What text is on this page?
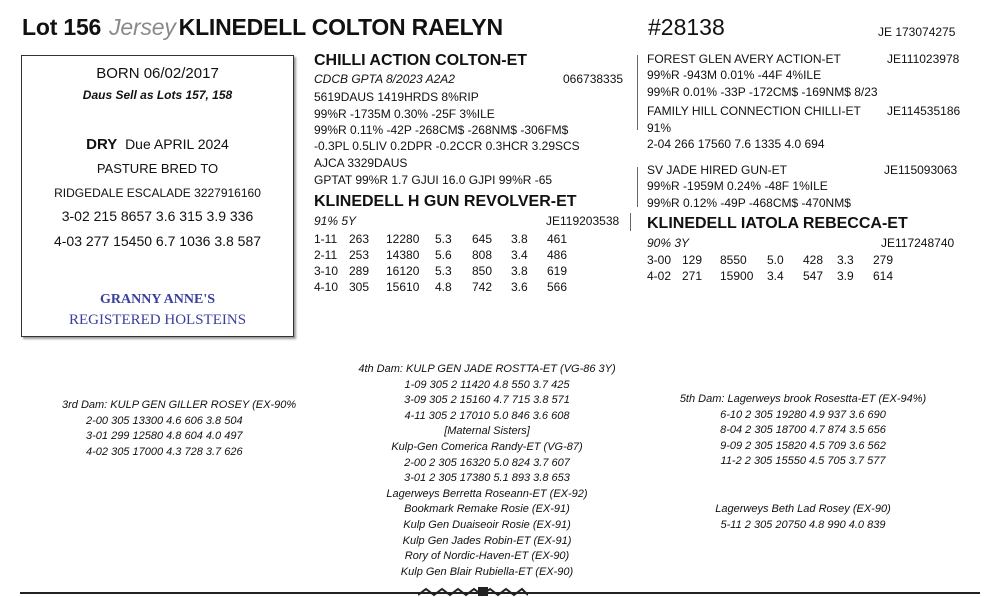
Lot 156 Jersey KLINEDELL COLTON RAELYN	#28138	JE 173074275
BORN 06/02/2017
Daus Sell as Lots 157, 158
DRY Due APRIL 2024
PASTURE BRED TO
RIDGEDALE ESCALADE 3227916160
3-02 215 8657 3.6 315 3.9 336
4-03 277 15450 6.7 1036 3.8 587
GRANNY ANNE'S
REGISTERED HOLSTEINS
CHILLI ACTION COLTON-ET
CDCB GPTA 8/2023 A2A2	066738335
5619DAUS 1419HRDS 8%RIP
99%R -1735M 0.30% -25F 3%ILE
99%R 0.11% -42P -268CM$ -268NM$ -306FM$
-0.3PL 0.5LIV 0.2DPR -0.2CCR 0.3HCR 3.29SCS
AJCA 3329DAUS
GPTAT 99%R 1.7 GJUI 16.0 GJPI 99%R -65
KLINEDELL H GUN REVOLVER-ET
91% 5Y	JE119203538
1-11	263	12280	5.3	645	3.8	461
2-11	253	14380	5.6	808	3.4	486
3-10	289	16120	5.3	850	3.8	619
4-10	305	15610	4.8	742	3.6	566
FOREST GLEN AVERY ACTION-ET	JE111023978
99%R -943M 0.01% -44F 4%ILE
99%R 0.01% -33P -172CM$ -169NM$ 8/23
FAMILY HILL CONNECTION CHILLI-ET JE114535186
91%
2-04 266 17560 7.6 1335 4.0 694
SV JADE HIRED GUN-ET	JE115093063
99%R -1959M 0.24% -48F 1%ILE
99%R 0.12% -49P -468CM$ -470NM$
KLINEDELL IATOLA REBECCA-ET
90% 3Y	JE117248740
3-00	129	8550	5.0	428	3.3	279
4-02	271	15900	3.4	547	3.9	614
3rd Dam: KULP GEN GILLER ROSEY (EX-90%
2-00 305 13300 4.6 606 3.8 504
3-01 299 12580 4.8 604 4.0 497
4-02 305 17000 4.3 728 3.7 626
4th Dam: KULP GEN JADE ROSTTA-ET (VG-86 3Y)
1-09 305 2 11420 4.8 550 3.7 425
3-09 305 2 15160 4.7 715 3.8 571
4-11 305 2 17010 5.0 846 3.6 608
[Maternal Sisters]
Kulp-Gen Comerica Randy-ET (VG-87)
2-00 2 305 16320 5.0 824 3.7 607
3-01 2 305 17380 5.1 893 3.8 653
Lagerweys Berretta Roseann-ET (EX-92)
Bookmark Remake Rosie (EX-91)
Kulp Gen Duaiseoir Rosie (EX-91)
Kulp Gen Jades Robin-ET (EX-91)
Rory of Nordic-Haven-ET (EX-90)
Kulp Gen Blair Rubiella-ET (EX-90)
5th Dam: Lagerweys brook Rosestta-ET (EX-94%)
6-10 2 305 19280 4.9 937 3.6 690
8-04 2 305 18700 4.7 874 3.5 656
9-09 2 305 15820 4.5 709 3.6 562
11-2 2 305 15550 4.5 705 3.7 577
Lagerweys Beth Lad Rosey (EX-90)
5-11 2 305 20750 4.8 990 4.0 839
